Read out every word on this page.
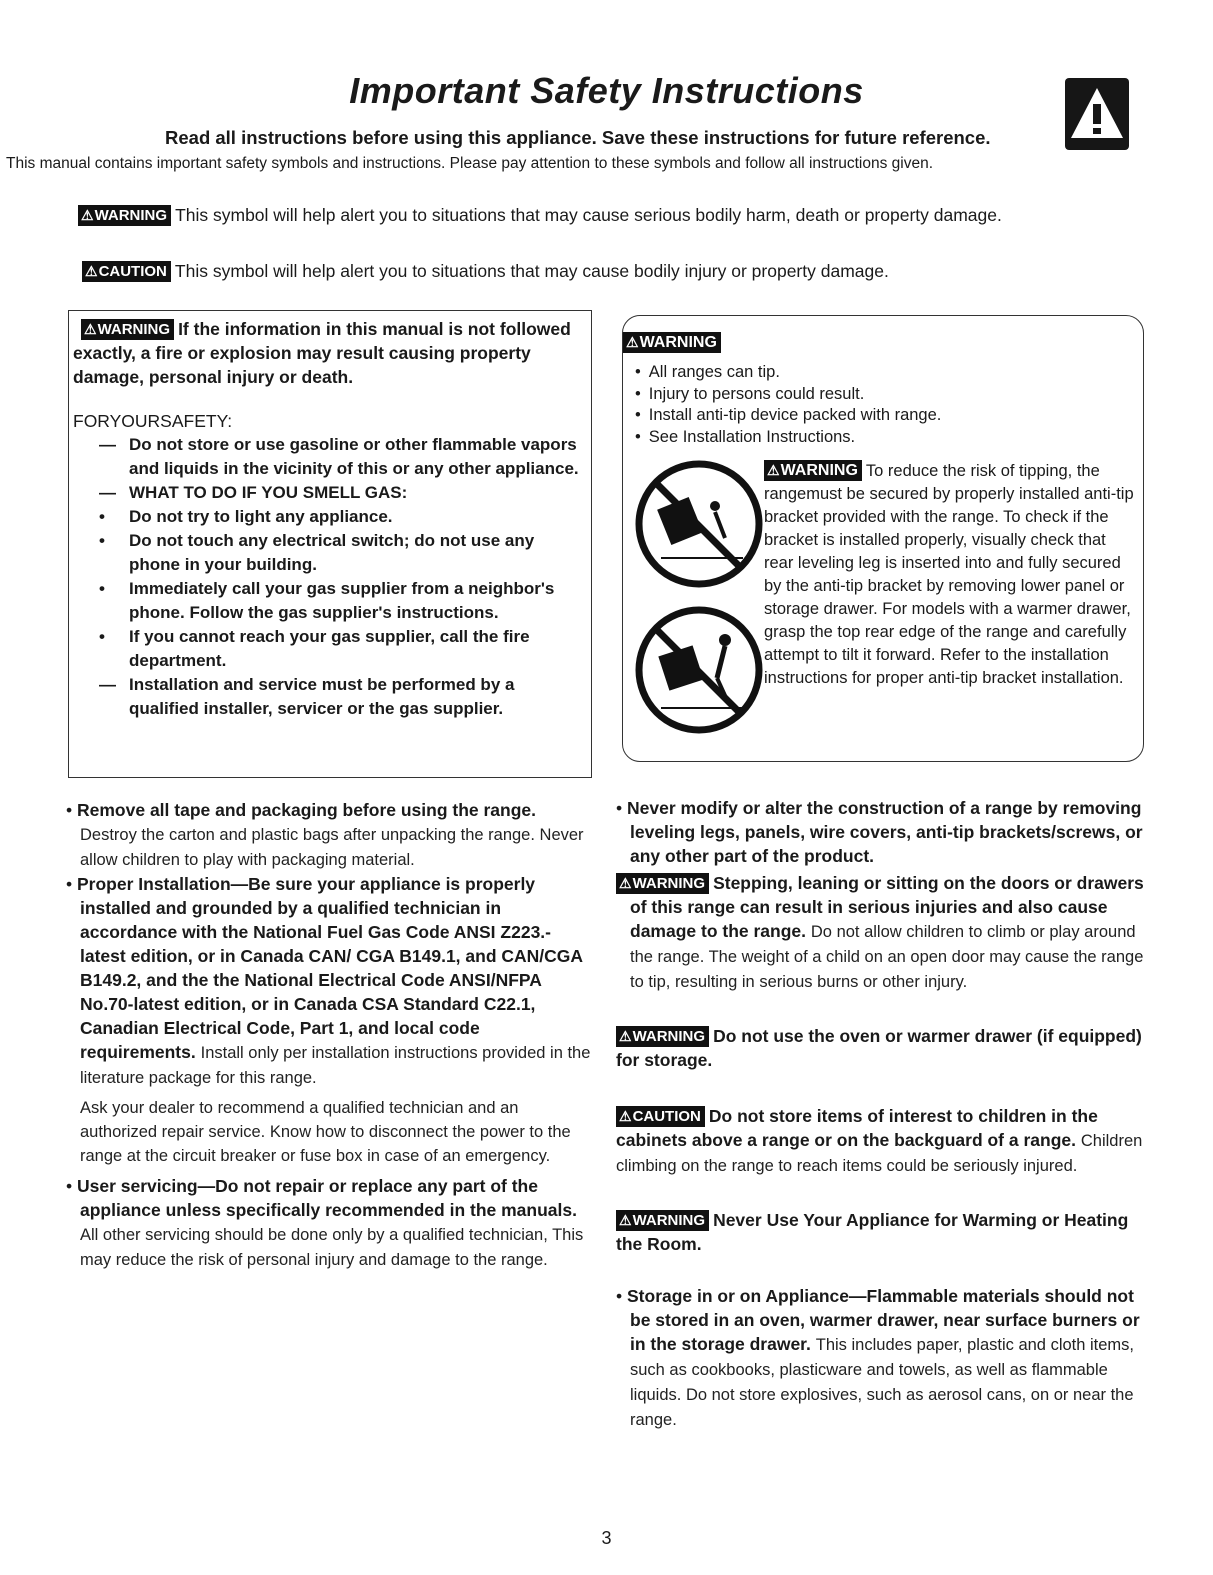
Important Safety Instructions
Read all instructions before using this appliance. Save these instructions for future reference.
This manual contains important safety symbols and instructions. Please pay attention to these symbols and follow all instructions given.
⚠WARNING This symbol will help alert you to situations that may cause serious bodily harm, death or property damage.
⚠CAUTION This symbol will help alert you to situations that may cause bodily injury or property damage.
⚠WARNING If the information in this manual is not followed exactly, a fire or explosion may result causing property damage, personal injury or death.
FORYOURSAFETY:
— Do not store or use gasoline or other flammable vapors and liquids in the vicinity of this or any other appliance.
— WHAT TO DO IF YOU SMELL GAS:
• Do not try to light any appliance.
• Do not touch any electrical switch; do not use any phone in your building.
• Immediately call your gas supplier from a neighbor's phone. Follow the gas supplier's instructions.
• If you cannot reach your gas supplier, call the fire department.
— Installation and service must be performed by a qualified installer, servicer or the gas supplier.
⚠WARNING
• All ranges can tip.
• Injury to persons could result.
• Install anti-tip device packed with range.
• See Installation Instructions.
⚠WARNING To reduce the risk of tipping, the rangemust be secured by properly installed anti-tip bracket provided with the range. To check if the bracket is installed properly, visually check that rear leveling leg is inserted into and fully secured by the anti-tip bracket by removing lower panel or storage drawer. For models with a warmer drawer, grasp the top rear edge of the range and carefully attempt to tilt it forward. Refer to the installation instructions for proper anti-tip bracket installation.
• Remove all tape and packaging before using the range. Destroy the carton and plastic bags after unpacking the range. Never allow children to play with packaging material.
• Proper Installation—Be sure your appliance is properly installed and grounded by a qualified technician in accordance with the National Fuel Gas Code ANSI Z223.- latest edition, or in Canada CAN/ CGA B149.1, and CAN/CGA B149.2, and the the National Electrical Code ANSI/NFPA No.70-latest edition, or in Canada CSA Standard C22.1, Canadian Electrical Code, Part 1, and local code requirements. Install only per installation instructions provided in the literature package for this range.
Ask your dealer to recommend a qualified technician and an authorized repair service. Know how to disconnect the power to the range at the circuit breaker or fuse box in case of an emergency.
• User servicing—Do not repair or replace any part of the appliance unless specifically recommended in the manuals. All other servicing should be done only by a qualified technician, This may reduce the risk of personal injury and damage to the range.
• Never modify or alter the construction of a range by removing leveling legs, panels, wire covers, anti-tip brackets/screws, or any other part of the product.
⚠WARNING Stepping, leaning or sitting on the doors or drawers of this range can result in serious injuries and also cause damage to the range. Do not allow children to climb or play around the range. The weight of a child on an open door may cause the range to tip, resulting in serious burns or other injury.
⚠WARNING Do not use the oven or warmer drawer (if equipped) for storage.
⚠CAUTION Do not store items of interest to children in the cabinets above a range or on the backguard of a range. Children climbing on the range to reach items could be seriously injured.
⚠WARNING Never Use Your Appliance for Warming or Heating the Room.
• Storage in or on Appliance—Flammable materials should not be stored in an oven, warmer drawer, near surface burners or in the storage drawer. This includes paper, plastic and cloth items, such as cookbooks, plasticware and towels, as well as flammable liquids. Do not store explosives, such as aerosol cans, on or near the range.
3
